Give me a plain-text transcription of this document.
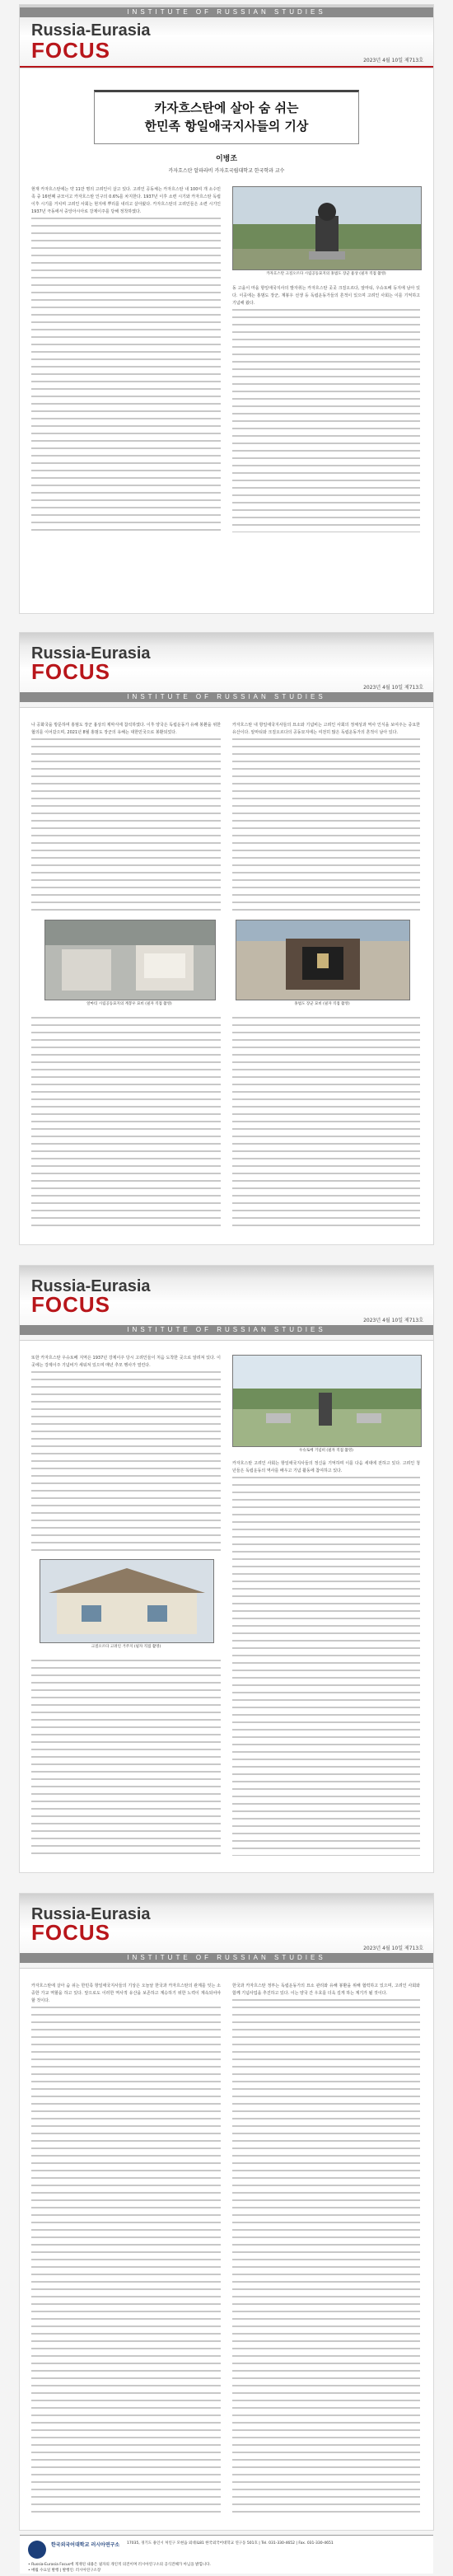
INSTITUTE OF RUSSIAN STUDIES
Russia-Eurasia
FOCUS	2023년 4월 10일 제713호
카자흐스탄에 살아 숨 쉬는
한민족 항일애국지사들의 기상
이병조
카자흐스탄 알파라비 카자흐국립대학교 한국학과 교수
현재 카자흐스탄에는 약 11만 명의 고려인이 살고 있다. 고려인 공동체는 카자흐스탄 내 100여 개 소수민족 중 16번째 규모이고 카자흐스탄 인구의 0.6%를 차지한다. 1937년 이후 소련 시기와 카자흐스탄 독립 이후 시기를 거치며 고려인 사회는 현지에 뿌리를 내리고 살아왔다. 카자흐스탄의 고려인들은 소련 시기인 1937년 극동에서 중앙아시아로 강제이주를 당해 정착하였다.
카자흐스탄 크질오르다 시립공동묘지의 홍범도 장군 흉상 (필자 직접 촬영)
동 고을이 마을 항일애국지사의 발자취는 카자흐스탄 곳곳 크질오르다, 알마티, 우슈토베 등지에 남아 있다. 이곳에는 홍범도 장군, 계봉우 선생 등 독립운동가들의 흔적이 있으며 고려인 사회는 이를 기억하고 기념해 왔다.
Russia-Eurasia
FOCUS
2023년 4월 10일 제713호
INSTITUTE OF RUSSIAN STUDIES
나 공화국을 방문하며 홍범도 장군 흉상의 제막식에 참석하였다. 이후 양국은 독립운동가 유해 봉환을 위한 협의를 이어갔으며, 2021년 8월 홍범도 장군의 유해는 대한민국으로 봉환되었다.
카자흐스탄 내 항일애국지사들의 묘소와 기념비는 고려인 사회의 정체성과 역사 인식을 보여주는 중요한 유산이다. 알마티와 크질오르다의 공동묘지에는 여전히 많은 독립운동가의 흔적이 남아 있다.
알마티 시립공동묘지의 계봉우 묘비 (필자 직접 촬영)	홍범도 장군 묘비 (필자 직접 촬영)
Russia-Eurasia
FOCUS
2023년 4월 10일 제713호
INSTITUTE OF RUSSIAN STUDIES
또한 카자흐스탄 우슈토베 지역은 1937년 강제이주 당시 고려인들이 처음 도착한 곳으로 알려져 있다. 이곳에는 강제이주 기념비가 세워져 있으며 매년 추모 행사가 열린다.
우슈토베 기념비 (필자 직접 촬영)
카자흐스탄 고려인 사회는 항일애국지사들의 정신을 기억하며 이를 다음 세대에 전하고 있다. 고려인 청년들은 독립운동의 역사를 배우고 기념 활동에 참여하고 있다.
크질오르다 고려인 거주지 (필자 직접 촬영)
Russia-Eurasia
FOCUS
2023년 4월 10일 제713호
INSTITUTE OF RUSSIAN STUDIES
카자흐스탄에 살아 숨 쉬는 한민족 항일애국지사들의 기상은 오늘날 한국과 카자흐스탄의 관계를 잇는 소중한 가교 역할을 하고 있다. 앞으로도 이러한 역사적 유산을 보존하고 계승하기 위한 노력이 계속되어야 할 것이다.
한국과 카자흐스탄 정부는 독립운동가의 묘소 관리와 유해 봉환을 위해 협력하고 있으며, 고려인 사회와 함께 기념사업을 추진하고 있다. 이는 양국 간 우호를 더욱 깊게 하는 계기가 될 것이다.
한국외국어대학교 러시아연구소 17035, 경기도 용인시 처인구 모현읍 외대로81 한국외국어대학교 연구동 501호 | Tel. 031-330-4652 | Fax. 031-330-4651
• Russia-Eurasia Focus에 게재된 내용은 필자의 개인적 의견이며 러시아연구소의 공식견해가 아님을 밝힙니다.
• 매월 수요일 발행 | 발행인: 러시아연구소장
